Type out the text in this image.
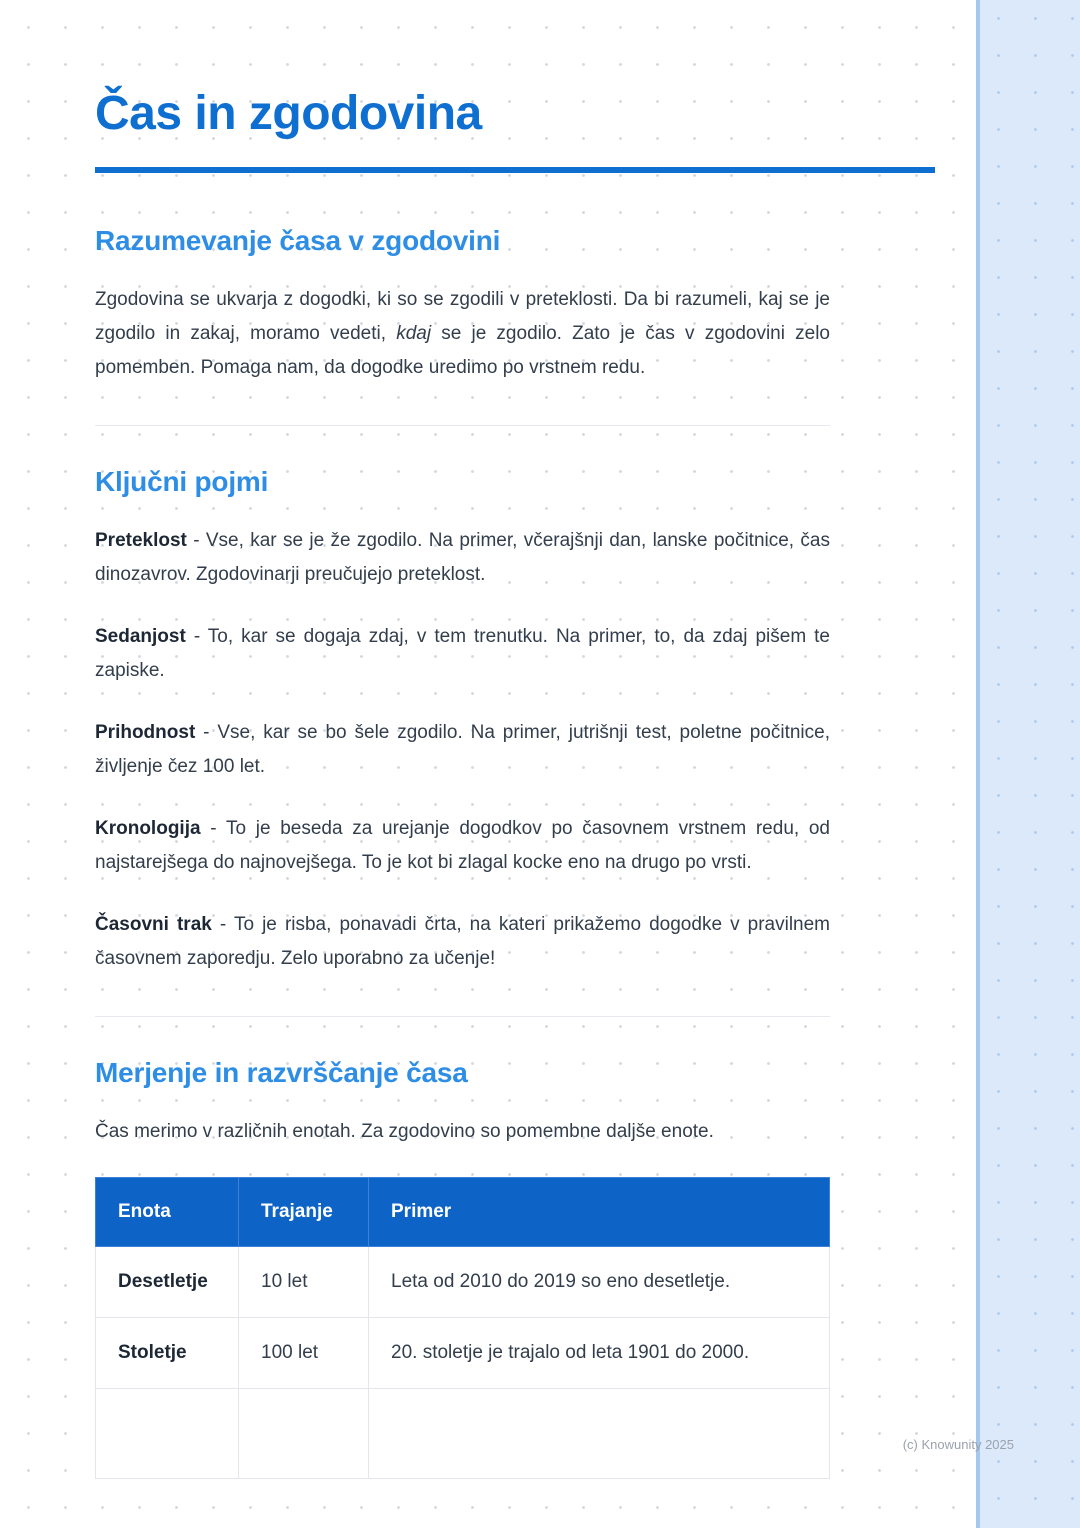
Čas in zgodovina
Razumevanje časa v zgodovini

Zgodovina se ukvarja z dogodki, ki so se zgodili v preteklosti. Da bi razumeli, kaj se je zgodilo in zakaj, moramo vedeti, kdaj se je zgodilo. Zato je čas v zgodovini zelo pomemben. Pomaga nam, da dogodke uredimo po vrstnem redu.

Ključni pojmi

Preteklost - Vse, kar se je že zgodilo. Na primer, včerajšnji dan, lanske počitnice, čas dinozavrov. Zgodovinarji preučujejo preteklost.

Sedanjost - To, kar se dogaja zdaj, v tem trenutku. Na primer, to, da zdaj pišem te zapiske.

Prihodnost - Vse, kar se bo šele zgodilo. Na primer, jutrišnji test, poletne počitnice, življenje čez 100 let.

Kronologija - To je beseda za urejanje dogodkov po časovnem vrstnem redu, od najstarejšega do najnovejšega. To je kot bi zlagal kocke eno na drugo po vrsti.

Časovni trak - To je risba, ponavadi črta, na kateri prikažemo dogodke v pravilnem časovnem zaporedju. Zelo uporabno za učenje!

Merjenje in razvrščanje časa

Čas merimo v različnih enotah. Za zgodovino so pomembne daljše enote.

Enota	Trajanje	Primer
Desetletje	10 let	Leta od 2010 do 2019 so eno desetletje.
Stoletje	100 let	20. stoletje je trajalo od leta 1901 do 2000.

(c) Knowunity 2025
